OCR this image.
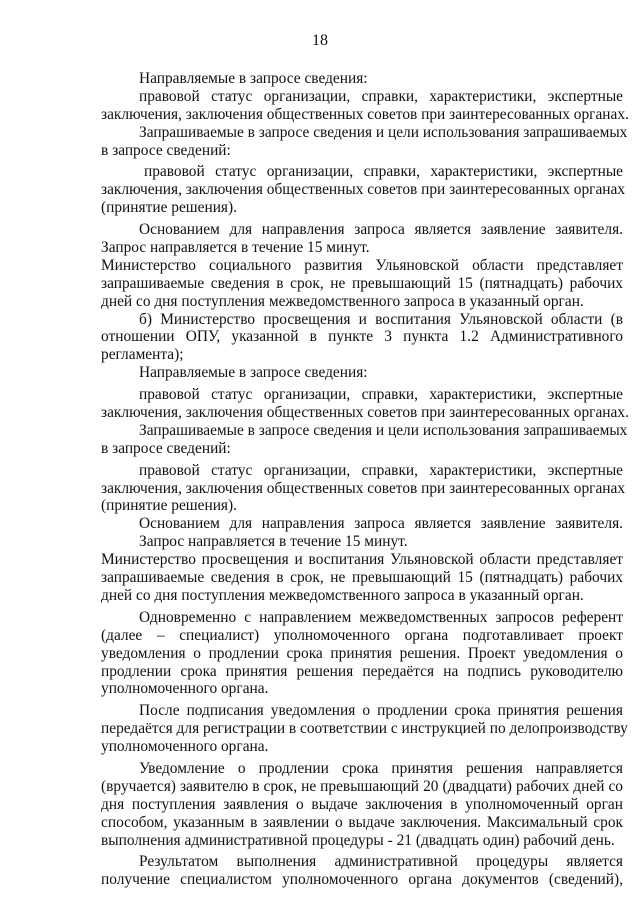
18
Направляемые в запросе сведения:
правовой статус организации, справки, характеристики, экспертные
заключения, заключения общественных советов при заинтересованных органах.
Запрашиваемые в запросе сведения и цели использования запрашиваемых
в запросе сведений:
правовой статус организации, справки, характеристики, экспертные
заключения, заключения общественных советов при заинтересованных органах
(принятие решения).
Основанием для направления запроса является заявление заявителя.
Запрос направляется в течение 15 минут.
Министерство социального развития Ульяновской области представляет
запрашиваемые сведения в срок, не превышающий 15 (пятнадцать) рабочих
дней со дня поступления межведомственного запроса в указанный орган.
б) Министерство просвещения и воспитания Ульяновской области (в
отношении ОПУ, указанной в пункте 3 пункта 1.2 Административного
регламента);
Направляемые в запросе сведения:
правовой статус организации, справки, характеристики, экспертные
заключения, заключения общественных советов при заинтересованных органах.
Запрашиваемые в запросе сведения и цели использования запрашиваемых
в запросе сведений:
правовой статус организации, справки, характеристики, экспертные
заключения, заключения общественных советов при заинтересованных органах
(принятие решения).
Основанием для направления запроса является заявление заявителя.
Запрос направляется в течение 15 минут.
Министерство просвещения и воспитания Ульяновской области представляет
запрашиваемые сведения в срок, не превышающий 15 (пятнадцать) рабочих
дней со дня поступления межведомственного запроса в указанный орган.
Одновременно с направлением межведомственных запросов референт
(далее ‒ специалист) уполномоченного органа подготавливает проект
уведомления о продлении срока принятия решения. Проект уведомления о
продлении срока принятия решения передаётся на подпись руководителю
уполномоченного органа.
После подписания уведомления о продлении срока принятия решения
передаётся для регистрации в соответствии с инструкцией по делопроизводству
уполномоченного органа.
Уведомление о продлении срока принятия решения направляется
(вручается) заявителю в срок, не превышающий 20 (двадцати) рабочих дней со
дня поступления заявления о выдаче заключения в уполномоченный орган
способом, указанным в заявлении о выдаче заключения. Максимальный срок
выполнения административной процедуры - 21 (двадцать один) рабочий день.
Результатом выполнения административной процедуры является
получение специалистом уполномоченного органа документов (сведений),
